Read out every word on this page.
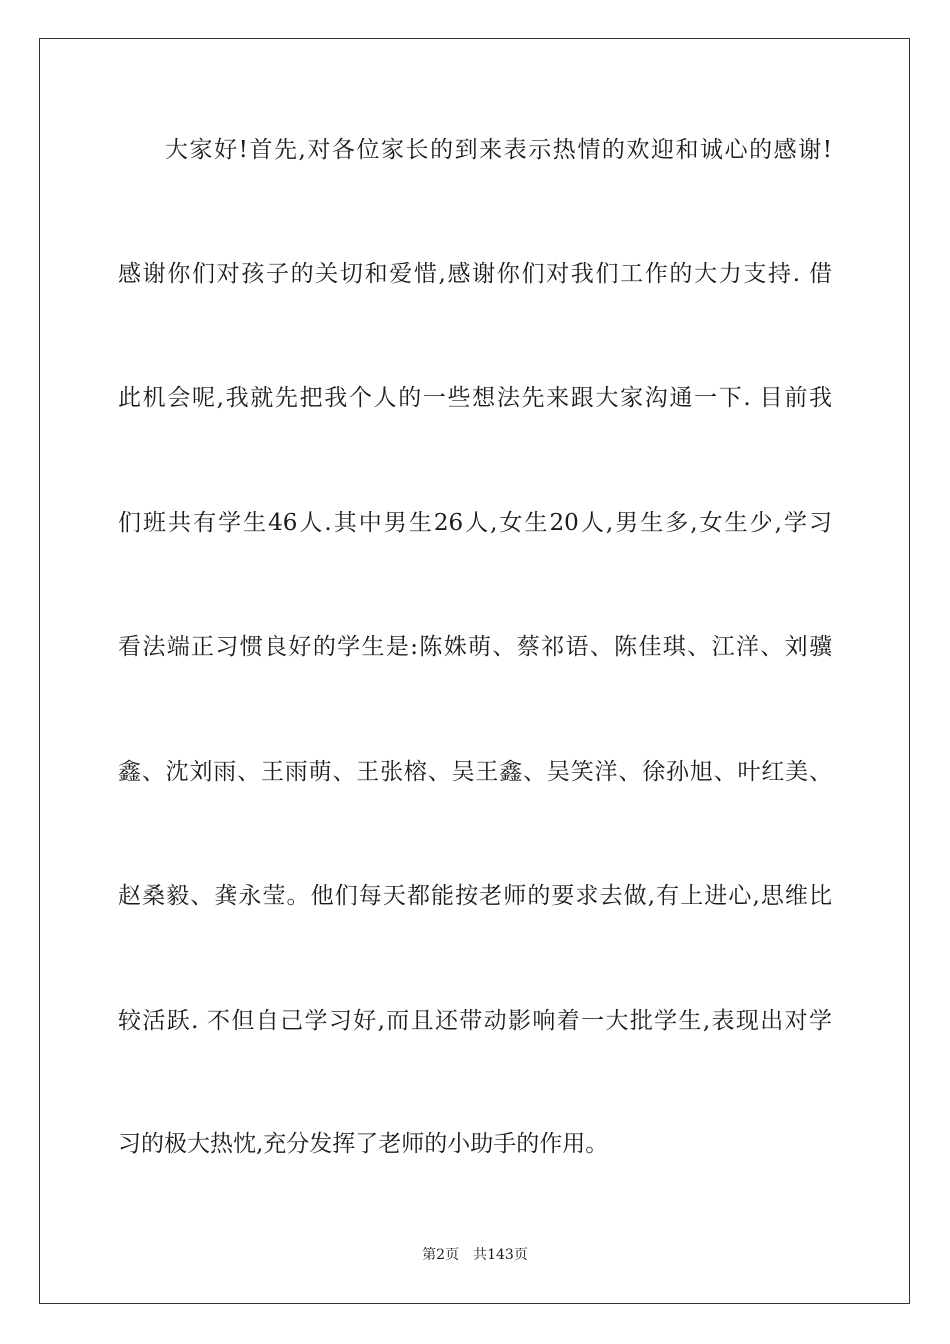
大家好!首先,对各位家长的到来表示热情的欢迎和诚心的感谢!
感谢你们对孩子的关切和爱惜,感谢你们对我们工作的大力支持. 借
此机会呢,我就先把我个人的一些想法先来跟大家沟通一下. 目前我
们班共有学生46人.其中男生26人,女生20人,男生多,女生少,学习
看法端正习惯良好的学生是:陈姝萌、蔡祁语、陈佳琪、江洋、刘骥
鑫、沈刘雨、王雨萌、王张榕、吴王鑫、吴笑洋、徐孙旭、叶红美、
赵桑毅、龚永莹。他们每天都能按老师的要求去做,有上进心,思维比
较活跃. 不但自己学习好,而且还带动影响着一大批学生,表现出对学
习的极大热忱,充分发挥了老师的小助手的作用。
第2页 共143页
